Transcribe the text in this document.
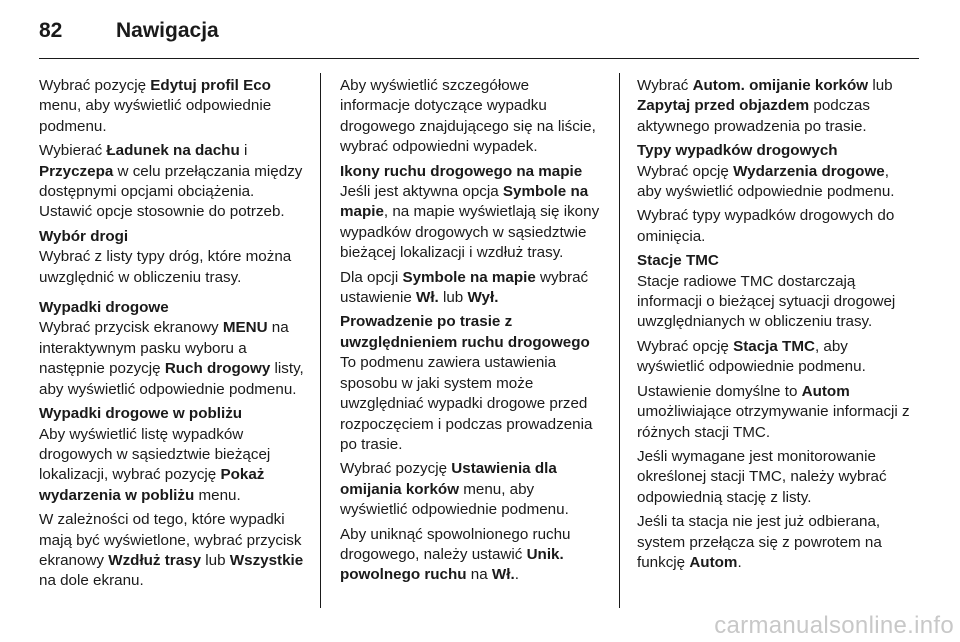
82	Nawigacja

Wybrać pozycję Edytuj profil Eco menu, aby wyświetlić odpowiednie podmenu.

Wybierać Ładunek na dachu i Przyczepa w celu przełączania między dostępnymi opcjami obciążenia. Ustawić opcje stosownie do potrzeb.

Wybór drogi

Wybrać z listy typy dróg, które można uwzględnić w obliczeniu trasy.

Wypadki drogowe

Wybrać przycisk ekranowy MENU na interaktywnym pasku wyboru a następnie pozycję Ruch drogowy listy, aby wyświetlić odpowiednie podmenu.

Wypadki drogowe w pobliżu

Aby wyświetlić listę wypadków drogowych w sąsiedztwie bieżącej lokalizacji, wybrać pozycję Pokaż wydarzenia w pobliżu menu.

W zależności od tego, które wypadki mają być wyświetlone, wybrać przycisk ekranowy Wzdłuż trasy lub Wszystkie na dole ekranu.

Aby wyświetlić szczegółowe informacje dotyczące wypadku drogowego znajdującego się na liście, wybrać odpowiedni wypadek.

Ikony ruchu drogowego na mapie

Jeśli jest aktywna opcja Symbole na mapie, na mapie wyświetlają się ikony wypadków drogowych w sąsiedztwie bieżącej lokalizacji i wzdłuż trasy.

Dla opcji Symbole na mapie wybrać ustawienie Wł. lub Wył.

Prowadzenie po trasie z uwzględnieniem ruchu drogowego

To podmenu zawiera ustawienia sposobu w jaki system może uwzględniać wypadki drogowe przed rozpoczęciem i podczas prowadzenia po trasie.

Wybrać pozycję Ustawienia dla omijania korków menu, aby wyświetlić odpowiednie podmenu.

Aby uniknąć spowolnionego ruchu drogowego, należy ustawić Unik. powolnego ruchu na Wł..

Wybrać Autom. omijanie korków lub Zapytaj przed objazdem podczas aktywnego prowadzenia po trasie.

Typy wypadków drogowych

Wybrać opcję Wydarzenia drogowe, aby wyświetlić odpowiednie podmenu.

Wybrać typy wypadków drogowych do ominięcia.

Stacje TMC

Stacje radiowe TMC dostarczają informacji o bieżącej sytuacji drogowej uwzględnianych w obliczeniu trasy.

Wybrać opcję Stacja TMC, aby wyświetlić odpowiednie podmenu.

Ustawienie domyślne to Autom umożliwiające otrzymywanie informacji z różnych stacji TMC.

Jeśli wymagane jest monitorowanie określonej stacji TMC, należy wybrać odpowiednią stację z listy.

Jeśli ta stacja nie jest już odbierana, system przełącza się z powrotem na funkcję Autom.

carmanualsonline.info
